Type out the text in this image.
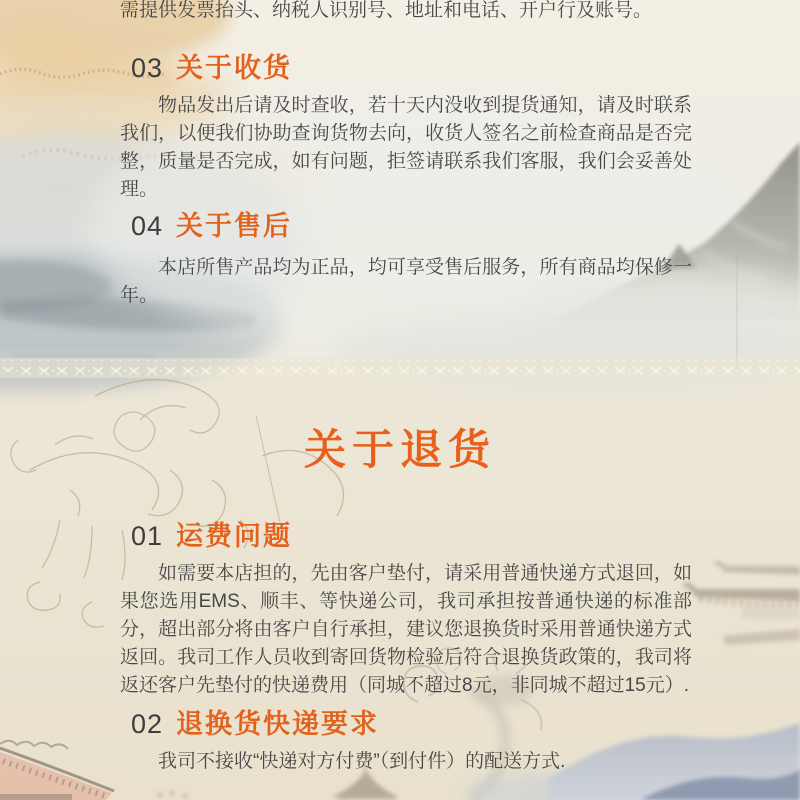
需提供发票抬头、纳税人识别号、地址和电话、开户行及账号。
03 关于收货

物品发出后请及时查收，若十天内没收到提货通知，请及时联系我们，以便我们协助查询货物去向，收货人签名之前检查商品是否完整，质量是否完成，如有问题，拒签请联系我们客服，我们会妥善处理。

04 关于售后

本店所售产品均为正品，均可享受售后服务，所有商品均保修一年。

关于退货
01 运费问题

如需要本店担的，先由客户垫付，请采用普通快递方式退回，如果您选用EMS、顺丰、等快递公司，我司承担按普通快递的标准部分，超出部分将由客户自行承担，建议您退换货时采用普通快递方式返回。我司工作人员收到寄回货物检验后符合退换货政策的，我司将返还客户先垫付的快递费用（同城不超过8元，非同城不超过15元）.

02 退换货快递要求

我司不接收“快递对方付费”（到付件）的配送方式.
